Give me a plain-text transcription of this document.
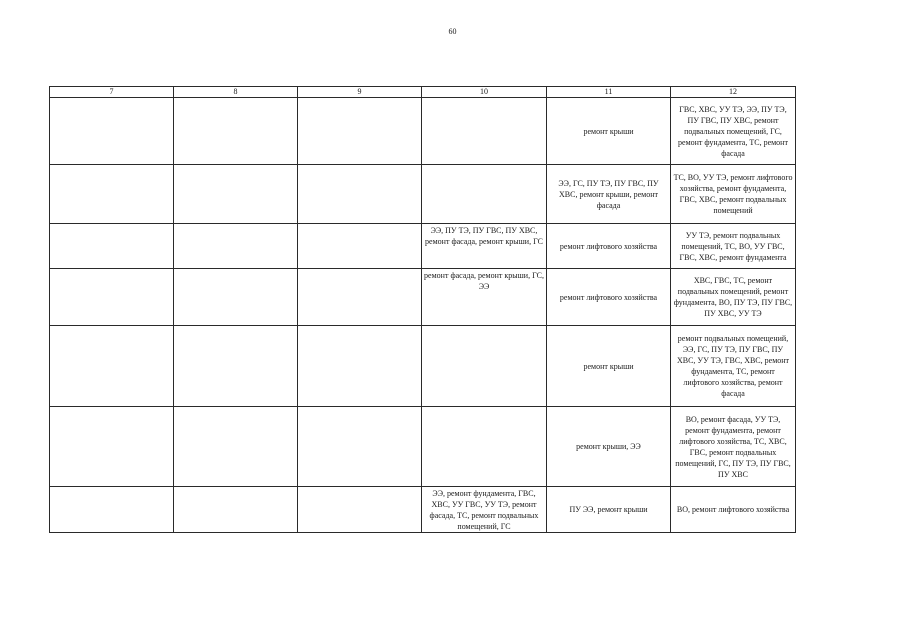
60
7	8	9	10	11	12
				ремонт крыши	ГВС, ХВС, УУ ТЭ, ЭЭ, ПУ ТЭ, ПУ ГВС, ПУ ХВС, ремонт подвальных помещений, ГС, ремонт фундамента, ТС, ремонт фасада
				ЭЭ, ГС, ПУ ТЭ, ПУ ГВС, ПУ ХВС, ремонт крыши, ремонт фасада	ТС, ВО, УУ ТЭ, ремонт лифтового хозяйства, ремонт фундамента, ГВС, ХВС, ремонт подвальных помещений
			ЭЭ, ПУ ТЭ, ПУ ГВС, ПУ ХВС, ремонт фасада, ремонт крыши, ГС	ремонт лифтового хозяйства	УУ ТЭ, ремонт подвальных помещений, ТС, ВО, УУ ГВС, ГВС, ХВС, ремонт фундамента
			ремонт фасада, ремонт крыши, ГС, ЭЭ	ремонт лифтового хозяйства	ХВС, ГВС, ТС, ремонт подвальных помещений, ремонт фундамента, ВО, ПУ ТЭ, ПУ ГВС, ПУ ХВС, УУ ТЭ
				ремонт крыши	ремонт подвальных помещений, ЭЭ, ГС, ПУ ТЭ, ПУ ГВС, ПУ ХВС, УУ ТЭ, ГВС, ХВС, ремонт фундамента, ТС, ремонт лифтового хозяйства, ремонт фасада
				ремонт крыши, ЭЭ	ВО, ремонт фасада, УУ ТЭ, ремонт фундамента, ремонт лифтового хозяйства, ТС, ХВС, ГВС, ремонт подвальных помещений, ГС, ПУ ТЭ, ПУ ГВС, ПУ ХВС
			ЭЭ, ремонт фундамента, ГВС, ХВС, УУ ГВС, УУ ТЭ, ремонт фасада, ТС, ремонт подвальных помещений, ГС	ПУ ЭЭ, ремонт крыши	ВО, ремонт лифтового хозяйства
